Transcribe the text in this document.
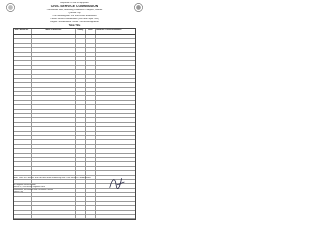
Republic of the Philippines
CIVIL SERVICE COMMISSION
Constitution Hills, Batasang Pambansa Complex, Diliman
Quezon City
The Following Are The Successful Examinees
Career Service Examination (Pen and Paper Test)
Region / Examination Center / School Assignment
Table Title
Seat / Room No.	Name of Examinee	Rating	Level	Remarks / Passed Examinees
Note: Lists of Passers are not final until verified by the Civil Service Commission.
For Regional Technical Staff
Director IV, Civil Service Regional Office
Examination, Recruitment and Placement Division
Quezon City
